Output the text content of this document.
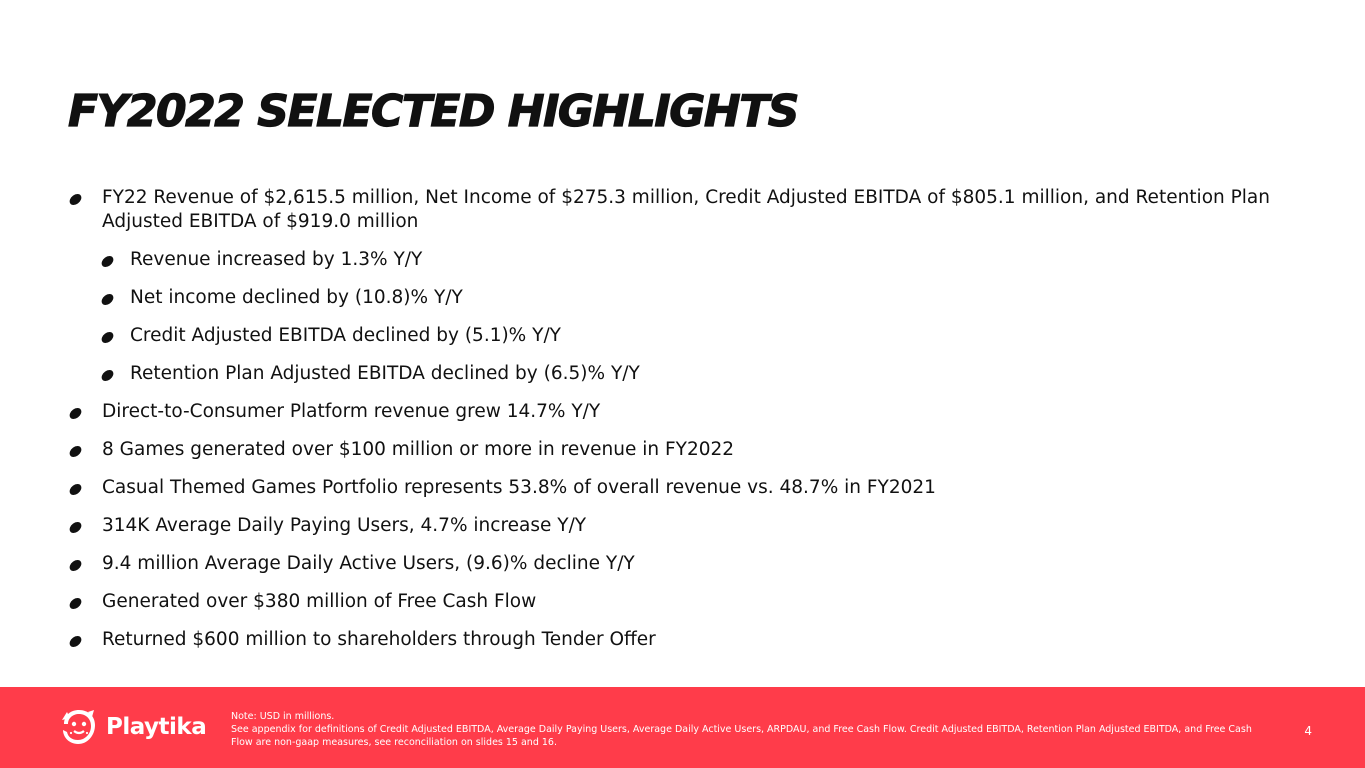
FY2022 SELECTED HIGHLIGHTS
FY22 Revenue of $2,615.5 million, Net Income of $275.3 million, Credit Adjusted EBITDA of $805.1 million, and Retention Plan Adjusted EBITDA of $919.0 million
Revenue increased by 1.3% Y/Y
Net income declined by (10.8)% Y/Y
Credit Adjusted EBITDA declined by (5.1)% Y/Y
Retention Plan Adjusted EBITDA declined by (6.5)% Y/Y
Direct-to-Consumer Platform revenue grew 14.7% Y/Y
8 Games generated over $100 million or more in revenue in FY2022
Casual Themed Games Portfolio represents 53.8% of overall revenue vs. 48.7% in FY2021
314K Average Daily Paying Users, 4.7% increase Y/Y
9.4 million Average Daily Active Users, (9.6)% decline Y/Y
Generated over $380 million of Free Cash Flow
Returned $600 million to shareholders through Tender Offer
Playtika	Note: USD in millions.
See appendix for definitions of Credit Adjusted EBITDA, Average Daily Paying Users, Average Daily Active Users, ARPDAU, and Free Cash Flow. Credit Adjusted EBITDA, Retention Plan Adjusted EBITDA, and Free Cash Flow are non-gaap measures, see reconciliation on slides 15 and 16.
4
